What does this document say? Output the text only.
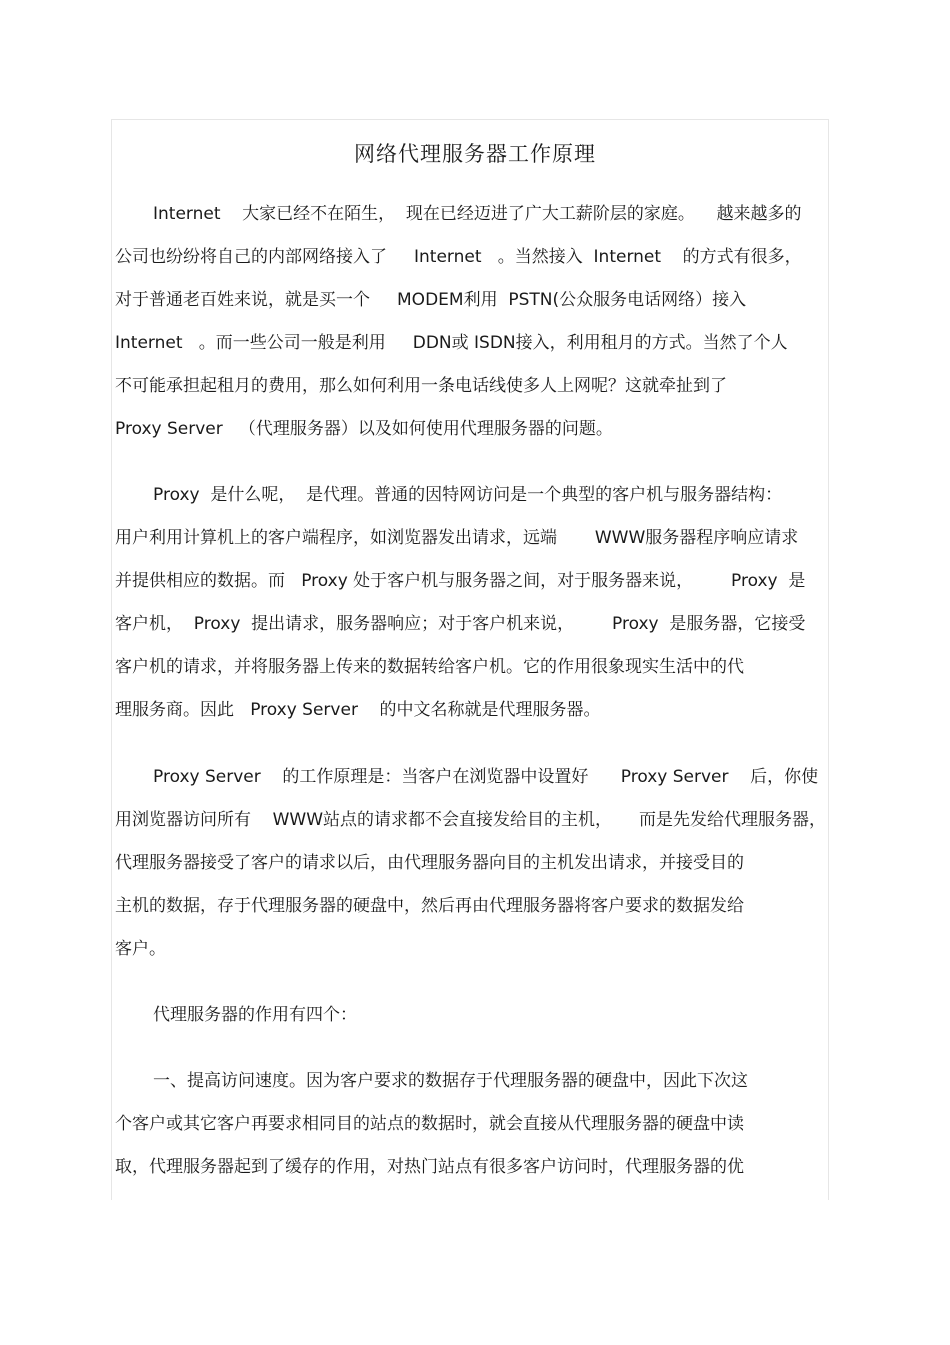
网络代理服务器工作原理
Internet    大家已经不在陌生，  现在已经迈进了广大工薪阶层的家庭。    越来越多的
公司也纷纷将自己的内部网络接入了     Internet   。当然接入  Internet    的方式有很多，
对于普通老百姓来说，就是买一个     MODEM利用  PSTN(公众服务电话网络）接入
Internet   。而一些公司一般是利用     DDN或 ISDN接入，利用租月的方式。当然了个人
不可能承担起租月的费用，那么如何利用一条电话线使多人上网呢？这就牵扯到了
Proxy Server   （代理服务器）以及如何使用代理服务器的问题。
Proxy  是什么呢，  是代理。普通的因特网访问是一个典型的客户机与服务器结构：
用户利用计算机上的客户端程序，如浏览器发出请求，远端       WWW服务器程序响应请求
并提供相应的数据。而   Proxy 处于客户机与服务器之间，对于服务器来说，       Proxy  是
客户机，  Proxy  提出请求，服务器响应；对于客户机来说，       Proxy  是服务器，它接受
客户机的请求，并将服务器上传来的数据转给客户机。它的作用很象现实生活中的代
理服务商。因此   Proxy Server    的中文名称就是代理服务器。
Proxy Server    的工作原理是：当客户在浏览器中设置好      Proxy Server    后，你使
用浏览器访问所有    WWW站点的请求都不会直接发给目的主机，     而是先发给代理服务器，
代理服务器接受了客户的请求以后，由代理服务器向目的主机发出请求，并接受目的
主机的数据，存于代理服务器的硬盘中，然后再由代理服务器将客户要求的数据发给
客户。
代理服务器的作用有四个：
一、提高访问速度。因为客户要求的数据存于代理服务器的硬盘中，因此下次这
个客户或其它客户再要求相同目的站点的数据时，就会直接从代理服务器的硬盘中读
取，代理服务器起到了缓存的作用，对热门站点有很多客户访问时，代理服务器的优
